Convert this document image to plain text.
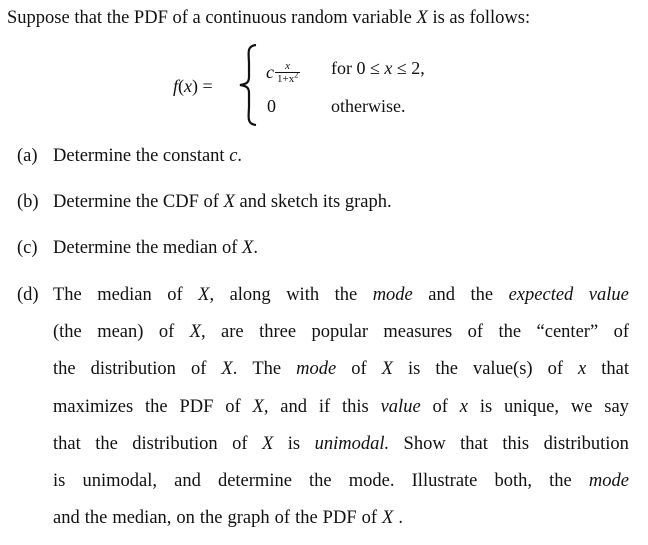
Suppose that the PDF of a continuous random variable X is as follows:
f(x) =
c $\frac{x}{1+x^2}$ for 0 ≤ x ≤ 2,
0	otherwise.
(a) Determine the constant c.
(b) Determine the CDF of X and sketch its graph.
(c) Determine the median of X.
(d) The median of X, along with the mode and the expected value
(the mean) of X, are three popular measures of the “center” of
the distribution of X. The mode of X is the value(s) of x that
maximizes the PDF of X, and if this value of x is unique, we say
that the distribution of X is unimodal. Show that this distribution
is unimodal, and determine the mode. Illustrate both, the mode
and the median, on the graph of the PDF of X .
